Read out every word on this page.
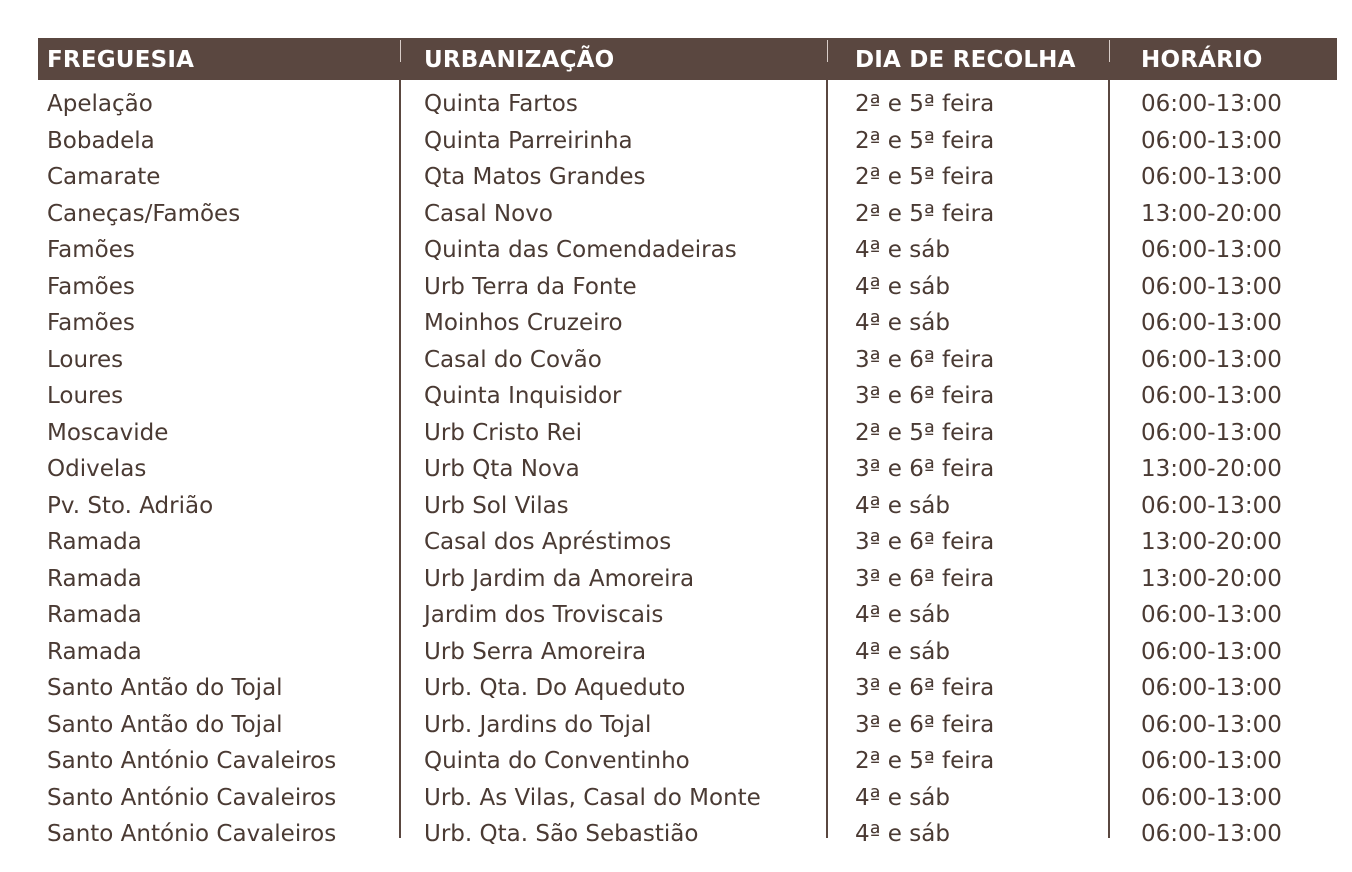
FREGUESIA	URBANIZAÇÃO	DIA DE RECOLHA	HORÁRIO
Apelação	Quinta Fartos	2ª e 5ª feira	06:00-13:00
Bobadela	Quinta Parreirinha	2ª e 5ª feira	06:00-13:00
Camarate	Qta Matos Grandes	2ª e 5ª feira	06:00-13:00
Caneças/Famões	Casal Novo	2ª e 5ª feira	13:00-20:00
Famões	Quinta das Comendadeiras	4ª e sáb	06:00-13:00
Famões	Urb Terra da Fonte	4ª e sáb	06:00-13:00
Famões	Moinhos Cruzeiro	4ª e sáb	06:00-13:00
Loures	Casal do Covão	3ª e 6ª feira	06:00-13:00
Loures	Quinta Inquisidor	3ª e 6ª feira	06:00-13:00
Moscavide	Urb Cristo Rei	2ª e 5ª feira	06:00-13:00
Odivelas	Urb Qta Nova	3ª e 6ª feira	13:00-20:00
Pv. Sto. Adrião	Urb Sol Vilas	4ª e sáb	06:00-13:00
Ramada	Casal dos Apréstimos	3ª e 6ª feira	13:00-20:00
Ramada	Urb Jardim da Amoreira	3ª e 6ª feira	13:00-20:00
Ramada	Jardim dos Troviscais	4ª e sáb	06:00-13:00
Ramada	Urb Serra Amoreira	4ª e sáb	06:00-13:00
Santo Antão do Tojal	Urb. Qta. Do Aqueduto	3ª e 6ª feira	06:00-13:00
Santo Antão do Tojal	Urb. Jardins do Tojal	3ª e 6ª feira	06:00-13:00
Santo António Cavaleiros	Quinta do Conventinho	2ª e 5ª feira	06:00-13:00
Santo António Cavaleiros	Urb. As Vilas, Casal do Monte	4ª e sáb	06:00-13:00
Santo António Cavaleiros	Urb. Qta. São Sebastião	4ª e sáb	06:00-13:00
